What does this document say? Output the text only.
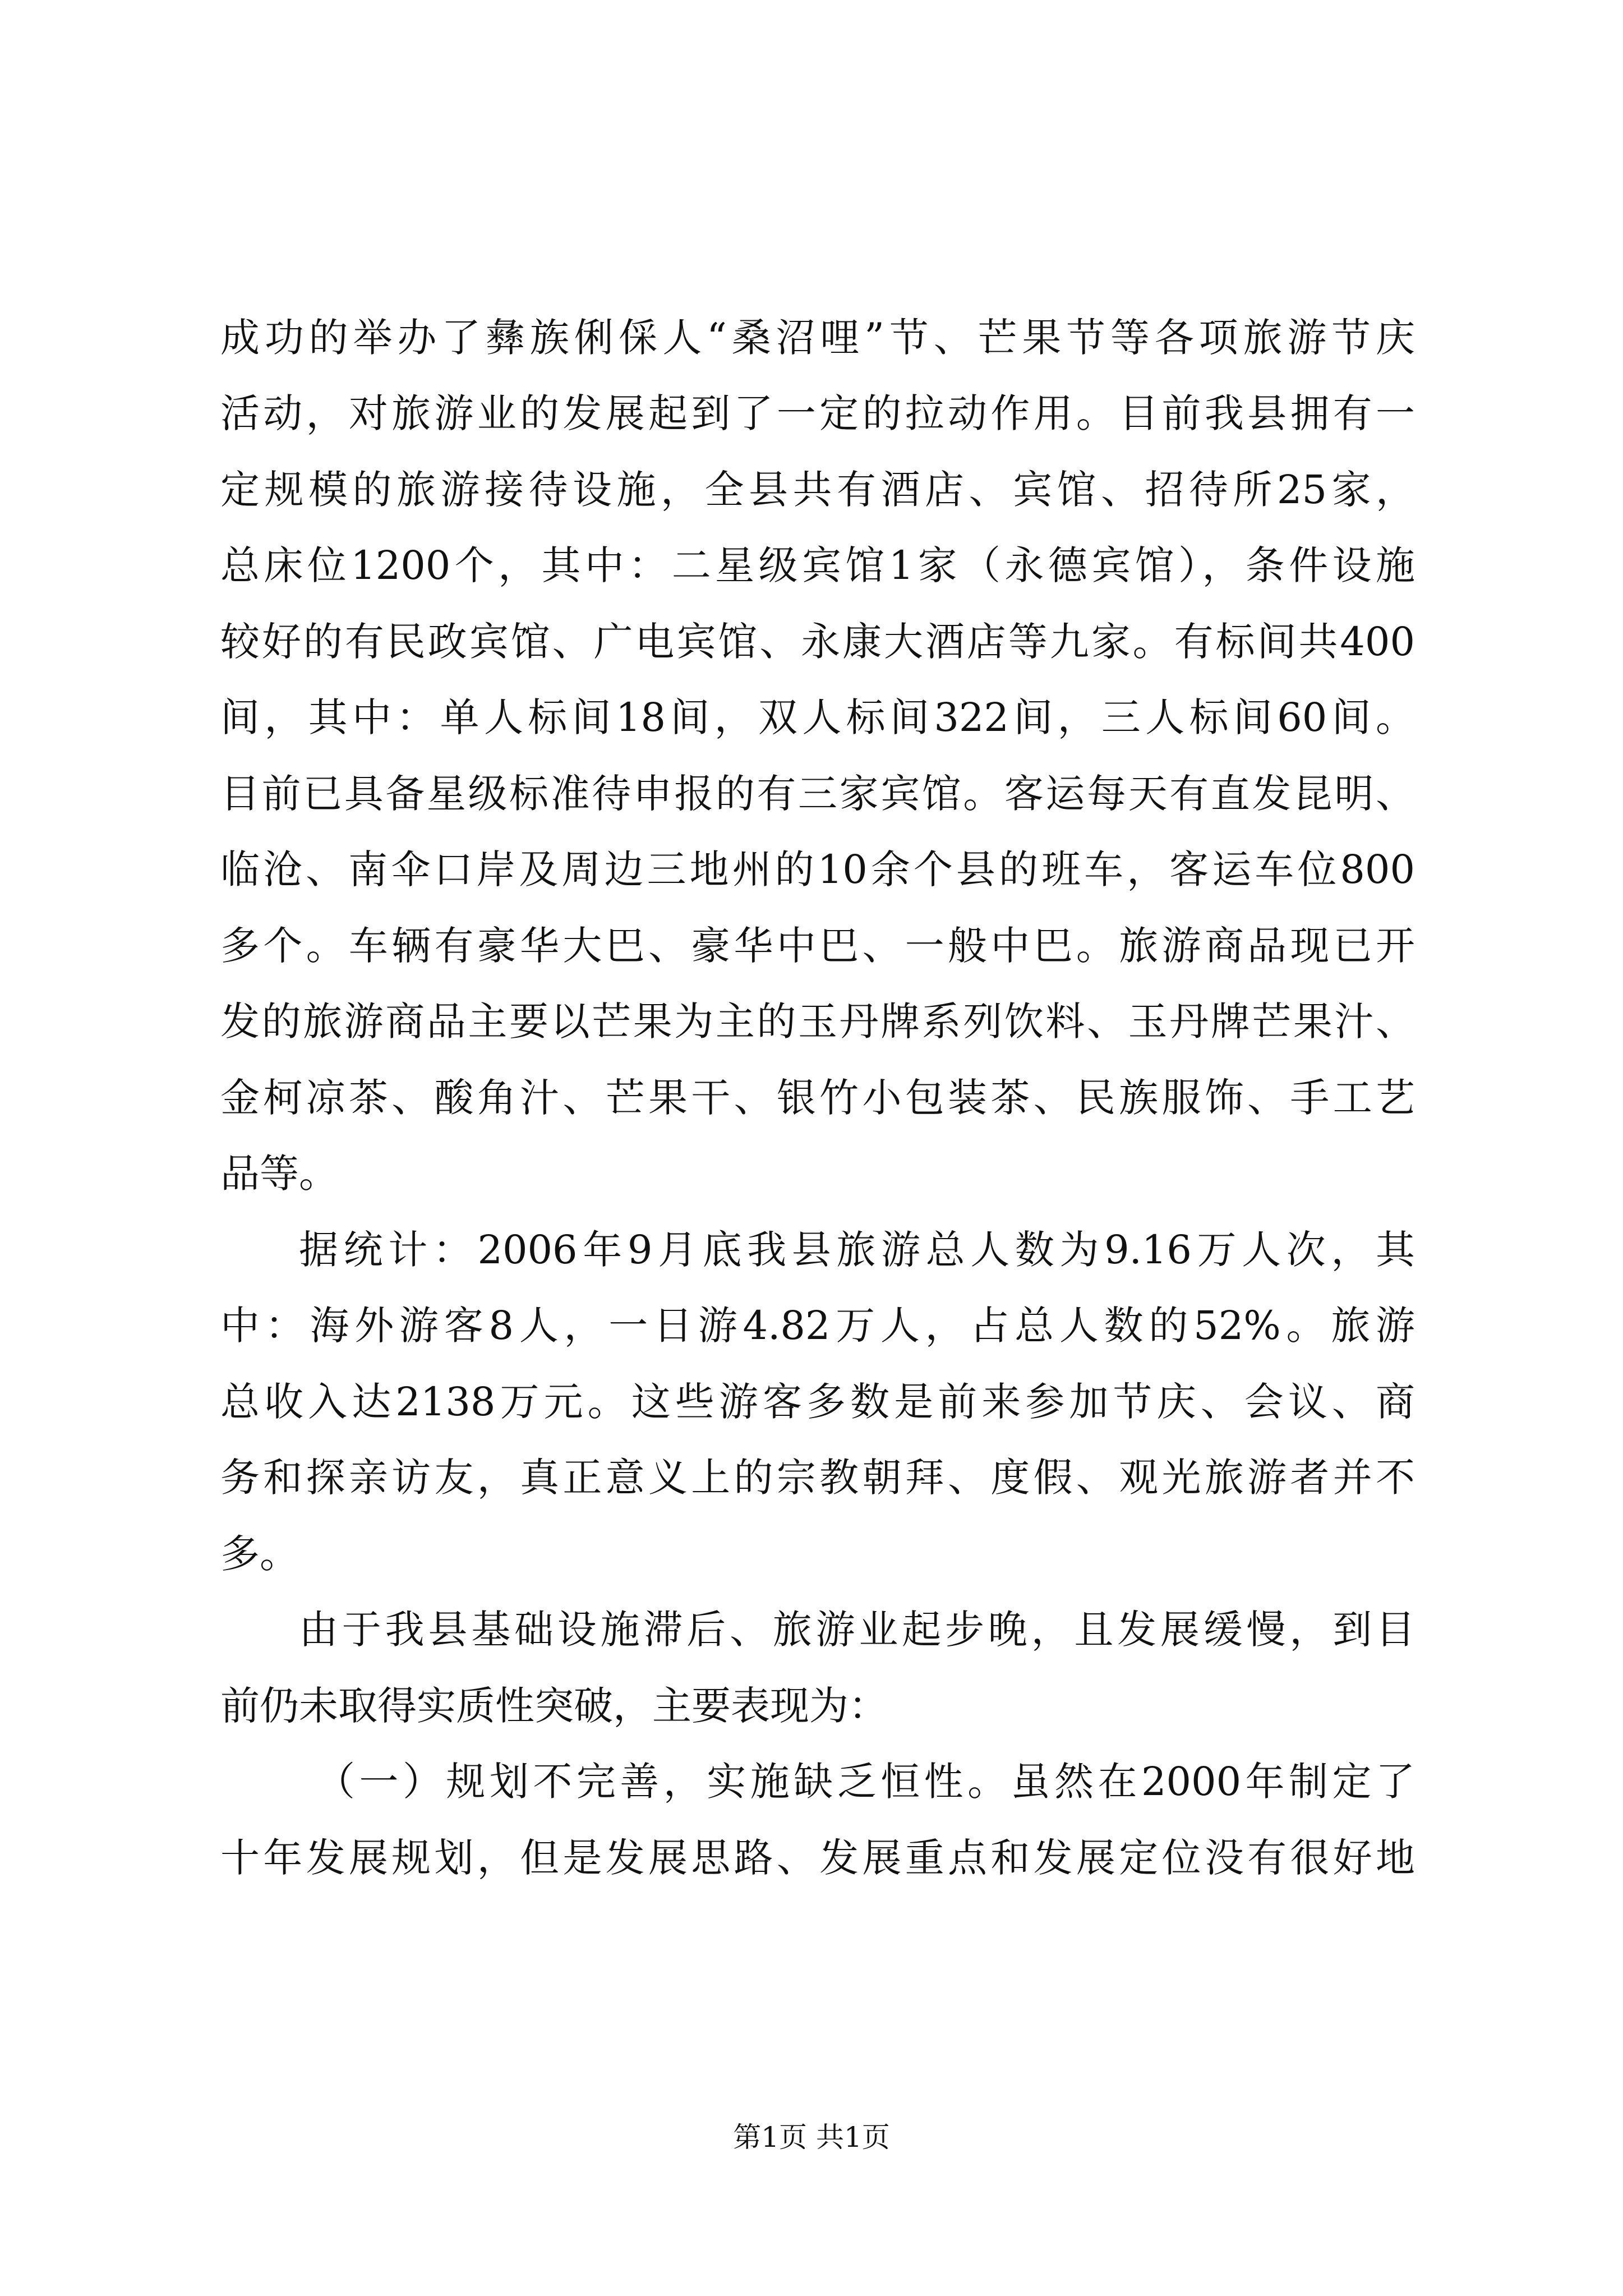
成功的举办了彝族俐倸人“桑沼哩”节、芒果节等各项旅游节庆
活动，对旅游业的发展起到了一定的拉动作用。目前我县拥有一
定规模的旅游接待设施，全县共有酒店、宾馆、招待所25家，
总床位1200个，其中：二星级宾馆1家（永德宾馆），条件设施
较好的有民政宾馆、广电宾馆、永康大酒店等九家。有标间共400
间，其中：单人标间18间，双人标间322间，三人标间60间。
目前已具备星级标准待申报的有三家宾馆。客运每天有直发昆明、
临沧、南伞口岸及周边三地州的10余个县的班车，客运车位800
多个。车辆有豪华大巴、豪华中巴、一般中巴。旅游商品现已开
发的旅游商品主要以芒果为主的玉丹牌系列饮料、玉丹牌芒果汁、
金柯凉茶、酸角汁、芒果干、银竹小包装茶、民族服饰、手工艺
品等。
据统计：2006年9月底我县旅游总人数为9.16万人次，其
中：海外游客8人，一日游4.82万人，占总人数的52%。旅游
总收入达2138万元。这些游客多数是前来参加节庆、会议、商
务和探亲访友，真正意义上的宗教朝拜、度假、观光旅游者并不
多。
由于我县基础设施滞后、旅游业起步晚，且发展缓慢，到目
前仍未取得实质性突破，主要表现为：
（一）规划不完善，实施缺乏恒性。虽然在2000年制定了
十年发展规划，但是发展思路、发展重点和发展定位没有很好地
第1页 共1页
